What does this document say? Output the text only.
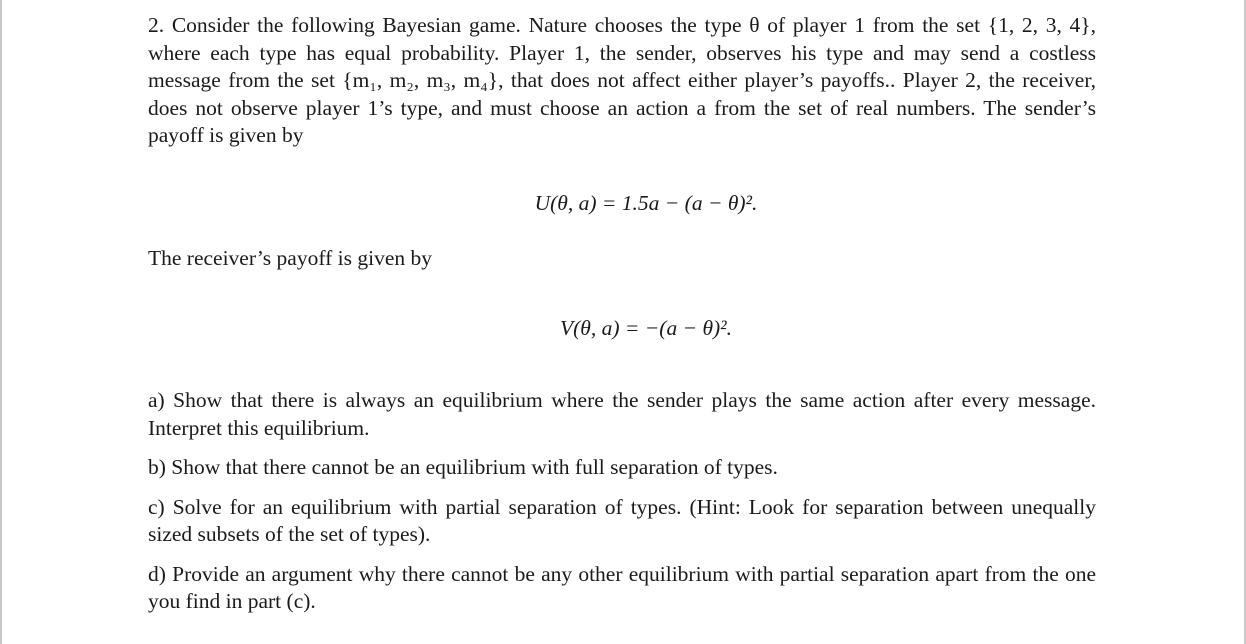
2. Consider the following Bayesian game. Nature chooses the type θ of player 1 from the set {1, 2, 3, 4}, where each type has equal probability. Player 1, the sender, observes his type and may send a costless message from the set {m₁, m₂, m₃, m₄}, that does not affect either player’s payoffs.. Player 2, the receiver, does not observe player 1’s type, and must choose an action a from the set of real numbers. The sender’s payoff is given by

U(θ, a) = 1.5a − (a − θ)².

The receiver’s payoff is given by

V(θ, a) = −(a − θ)².

a) Show that there is always an equilibrium where the sender plays the same action after every message. Interpret this equilibrium.

b) Show that there cannot be an equilibrium with full separation of types.

c) Solve for an equilibrium with partial separation of types. (Hint: Look for separation between unequally sized subsets of the set of types).

d) Provide an argument why there cannot be any other equilibrium with partial separation apart from the one you find in part (c).
